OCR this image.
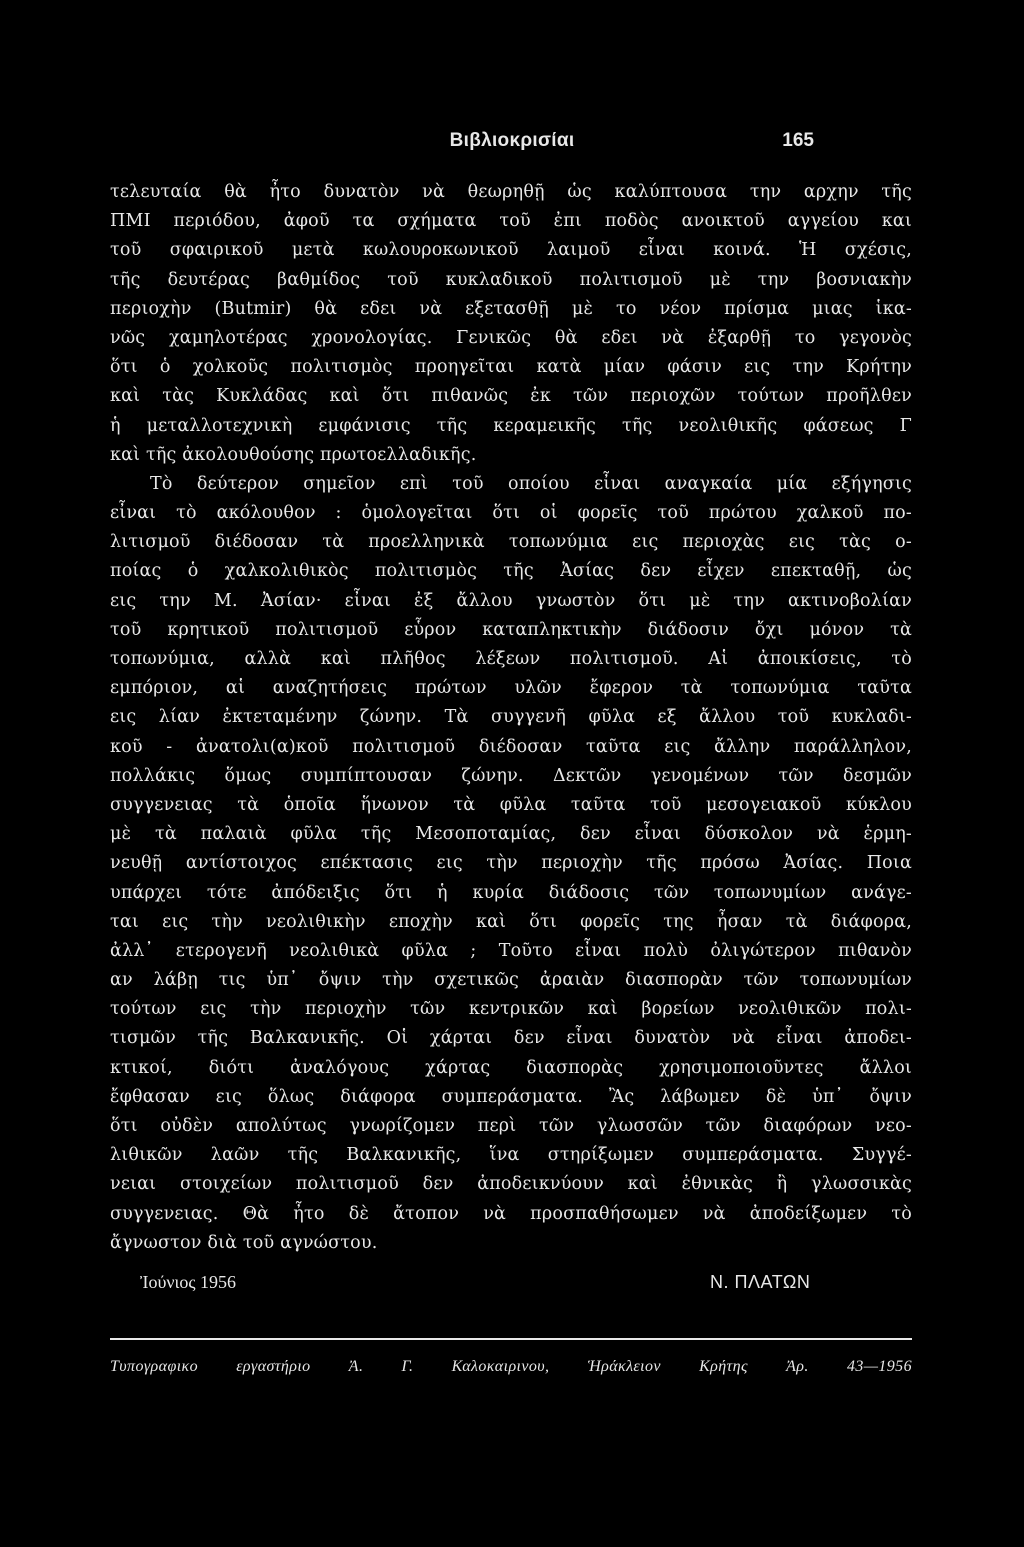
Βιβλιοκρισίαι	165
τελευταία θὰ ἦτο δυνατὸν νὰ θεωρηθῇ ὡς καλύπτουσα την αρχην τῆς
ΠΜΙ περιόδου, ἀφοῦ τα σχήματα τοῦ ἐπι ποδὸς ανοικτοῦ αγγείου και
τοῦ σφαιρικοῦ μετὰ κωλουροκωνικοῦ λαιμοῦ εἶναι κοινά. Ἡ σχέσις,
τῆς δευτέρας βαθμίδος τοῦ κυκλαδικοῦ πολιτισμοῦ μὲ την βοσνιακὴν
περιοχὴν (Butmir) θὰ εδει νὰ εξετασθῇ μὲ το νέον πρίσμα μιας ἱκα-
νῶς χαμηλοτέρας χρονολογίας. Γενικῶς θὰ εδει νὰ ἐξαρθῇ το γεγονὸς
ὅτι ὁ χολκοῦς πολιτισμὸς προηγεῖται κατὰ μίαν φάσιν εις την Κρήτην
καὶ τὰς Κυκλάδας καὶ ὅτι πιθανῶς ἐκ τῶν περιοχῶν τούτων προῆλθεν
ἡ μεταλλοτεχνικὴ εμφάνισις τῆς κεραμεικῆς τῆς νεολιθικῆς φάσεως Γ
καὶ τῆς ἀκολουθούσης πρωτοελλαδικῆς.
Τὸ δεύτερον σημεῖον επὶ τοῦ οποίου εἶναι αναγκαία μία εξήγησις
εἶναι τὸ ακόλουθον : ὁμολογεῖται ὅτι οἱ φορεῖς τοῦ πρώτου χαλκοῦ πο-
λιτισμοῦ διέδοσαν τὰ προελληνικὰ τοπωνύμια εις περιοχὰς εις τὰς ο-
ποίας ὁ χαλκολιθικὸς πολιτισμὸς τῆς Ἀσίας δεν εἶχεν επεκταθῇ, ὡς
εις την Μ. Ἀσίαν· εἶναι ἐξ ἄλλου γνωστὸν ὅτι μὲ την ακτινοβολίαν
τοῦ κρητικοῦ πολιτισμοῦ εὗρον καταπληκτικὴν διάδοσιν ὄχι μόνον τὰ
τοπωνύμια, αλλὰ καὶ πλῆθος λέξεων πολιτισμοῦ. Αἱ ἀποικίσεις, τὸ
εμπόριον, αἱ αναζητήσεις πρώτων υλῶν ἔφερον τὰ τοπωνύμια ταῦτα
εις λίαν ἐκτεταμένην ζώνην. Τὰ συγγενῆ φῦλα εξ ἄλλου τοῦ κυκλαδι-
κοῦ - ἀνατολι(α)κοῦ πολιτισμοῦ διέδοσαν ταῦτα εις ἄλλην παράλληλον,
πολλάκις ὅμως συμπίπτουσαν ζώνην. Δεκτῶν γενομένων τῶν δεσμῶν
συγγενειας τὰ ὁποῖα ἥνωνον τὰ φῦλα ταῦτα τοῦ μεσογειακοῦ κύκλου
μὲ τὰ παλαιὰ φῦλα τῆς Μεσοποταμίας, δεν εἶναι δύσκολον νὰ ἑρμη-
νευθῇ αντίστοιχος επέκτασις εις τὴν περιοχὴν τῆς πρόσω Ἀσίας. Ποια
υπάρχει τότε ἀπόδειξις ὅτι ἡ κυρία διάδοσις τῶν τοπωνυμίων ανάγε-
ται εις τὴν νεολιθικὴν εποχὴν καὶ ὅτι φορεῖς της ἦσαν τὰ διάφορα,
ἀλλ᾽ ετερογενῆ νεολιθικὰ φῦλα ; Τοῦτο εἶναι πολὺ ὀλιγώτερον πιθανὸν
αν λάβῃ τις ὑπ᾽ ὄψιν τὴν σχετικῶς ἀραιὰν διασπορὰν τῶν τοπωνυμίων
τούτων εις τὴν περιοχὴν τῶν κεντρικῶν καὶ βορείων νεολιθικῶν πολι-
τισμῶν τῆς Βαλκανικῆς. Οἱ χάρται δεν εἶναι δυνατὸν νὰ εἶναι ἀποδει-
κτικοί, διότι ἀναλόγους χάρτας διασπορὰς χρησιμοποιοῦντες ἄλλοι
ἔφθασαν εις ὅλως διάφορα συμπεράσματα. Ἂς λάβωμεν δὲ ὑπ᾽ ὄψιν
ὅτι οὐδὲν απολύτως γνωρίζομεν περὶ τῶν γλωσσῶν τῶν διαφόρων νεο-
λιθικῶν λαῶν τῆς Βαλκανικῆς, ἵνα στηρίξωμεν συμπεράσματα. Συγγέ-
νειαι στοιχείων πολιτισμοῦ δεν ἀποδεικνύουν καὶ ἐθνικὰς ἢ γλωσσικὰς
συγγενειας. Θὰ ἦτο δὲ ἄτοπον νὰ προσπαθήσωμεν νὰ ἀποδείξωμεν τὸ
ἄγνωστον διὰ τοῦ αγνώστου.
Ἰούνιος 1956	Ν. ΠΛΑΤΩΝ
Τυπογραφικο εργαστήριο Ἀ. Γ. Καλοκαιρινου, Ἡράκλειον Κρήτης Ἀρ. 43—1956
